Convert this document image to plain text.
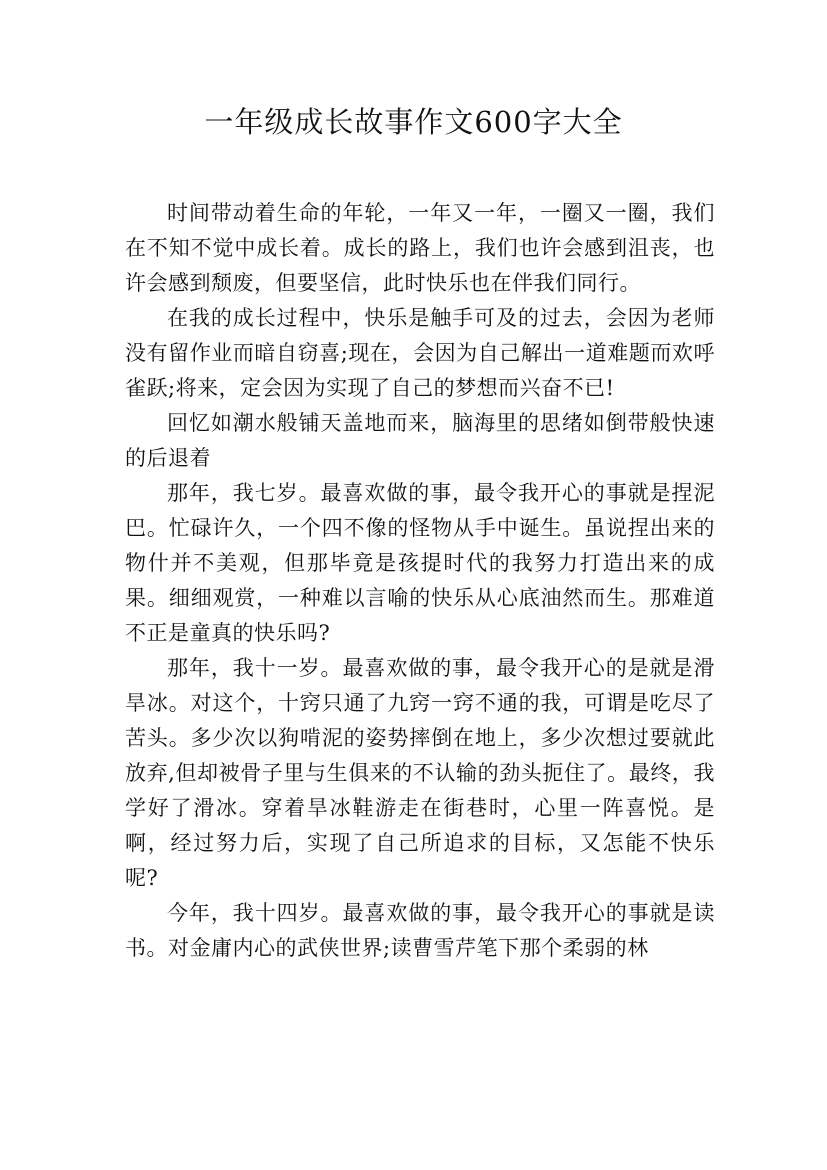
一年级成长故事作文600字大全

时间带动着生命的年轮，一年又一年，一圈又一圈，我们在不知不觉中成长着。成长的路上，我们也许会感到沮丧，也许会感到颓废，但要坚信，此时快乐也在伴我们同行。

在我的成长过程中，快乐是触手可及的过去，会因为老师没有留作业而暗自窃喜;现在，会因为自己解出一道难题而欢呼雀跃;将来，定会因为实现了自己的梦想而兴奋不已!

回忆如潮水般铺天盖地而来，脑海里的思绪如倒带般快速的后退着

那年，我七岁。最喜欢做的事，最令我开心的事就是捏泥巴。忙碌许久，一个四不像的怪物从手中诞生。虽说捏出来的物什并不美观，但那毕竟是孩提时代的我努力打造出来的成果。细细观赏，一种难以言喻的快乐从心底油然而生。那难道不正是童真的快乐吗?

那年，我十一岁。最喜欢做的事，最令我开心的是就是滑旱冰。对这个，十窍只通了九窍一窍不通的我，可谓是吃尽了苦头。多少次以狗啃泥的姿势摔倒在地上，多少次想过要就此放弃,但却被骨子里与生俱来的不认输的劲头扼住了。最终，我学好了滑冰。穿着旱冰鞋游走在街巷时，心里一阵喜悦。是啊，经过努力后，实现了自己所追求的目标，又怎能不快乐呢?

今年，我十四岁。最喜欢做的事，最令我开心的事就是读书。对金庸内心的武侠世界;读曹雪芹笔下那个柔弱的林
